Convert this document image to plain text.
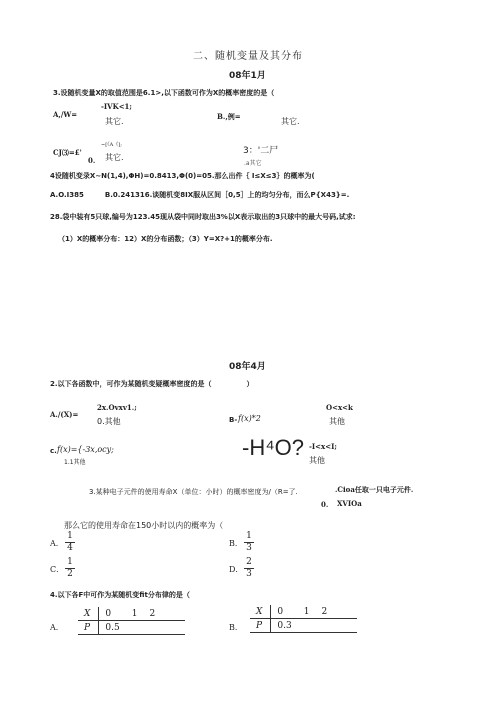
二、随机变量及其分布
08年1月
3.设随机变量X的取值范围是6.1>,以下函数可作为X的概率密度的是（
A,/W=
-IVK<1;
其它.
B.,例=
其它.
CJ⑶=£'
~[《A《];
0. 其它.
3：'二尸
.a其它
4设随机变录X~N(1,4),ΦH)=0.8413,Φ(0)=05.那么出件｛ I≤X≤3｝的概率为(
A.O.I385　　　B.0.241316.谈随机变8IX服从区间［0,5］上的均匀分布，而么P{X43}=.
28.袋中装有5只球,编号为123.45现从袋中同时取出3%以X表示取出的3只球中的最大号码,试求:
（1）X的概率分布：12）X的分布函数；（3）Y=X?+1的概率分布.
08年4月
2.以下各函数中，可作为某随机变疑概率密度的是（　　　　　）
A./(X)=
2x.Ovxv1.;
0.其他	B- f(x)*2
O<x<k
其他
c. f(x)={-3x,ocy;
1.1其他
-H⁴O? -I<x<I;
其他
3.某种电子元件的使用寿命X（单位：小时）的概率密度为/（R=了.	.Cioa任取一只电子元件.
0. XVIOa
那么它的使用寿命在150小时以内的概率为（
A．
1
4	B．
1
3
C．
1
2	D．
2
3
4.以下各F中可作为某随机变fit分布律的是（
A．
X	0	1	2
P	0.5			B．
X	0	1	2
P	0.3		
